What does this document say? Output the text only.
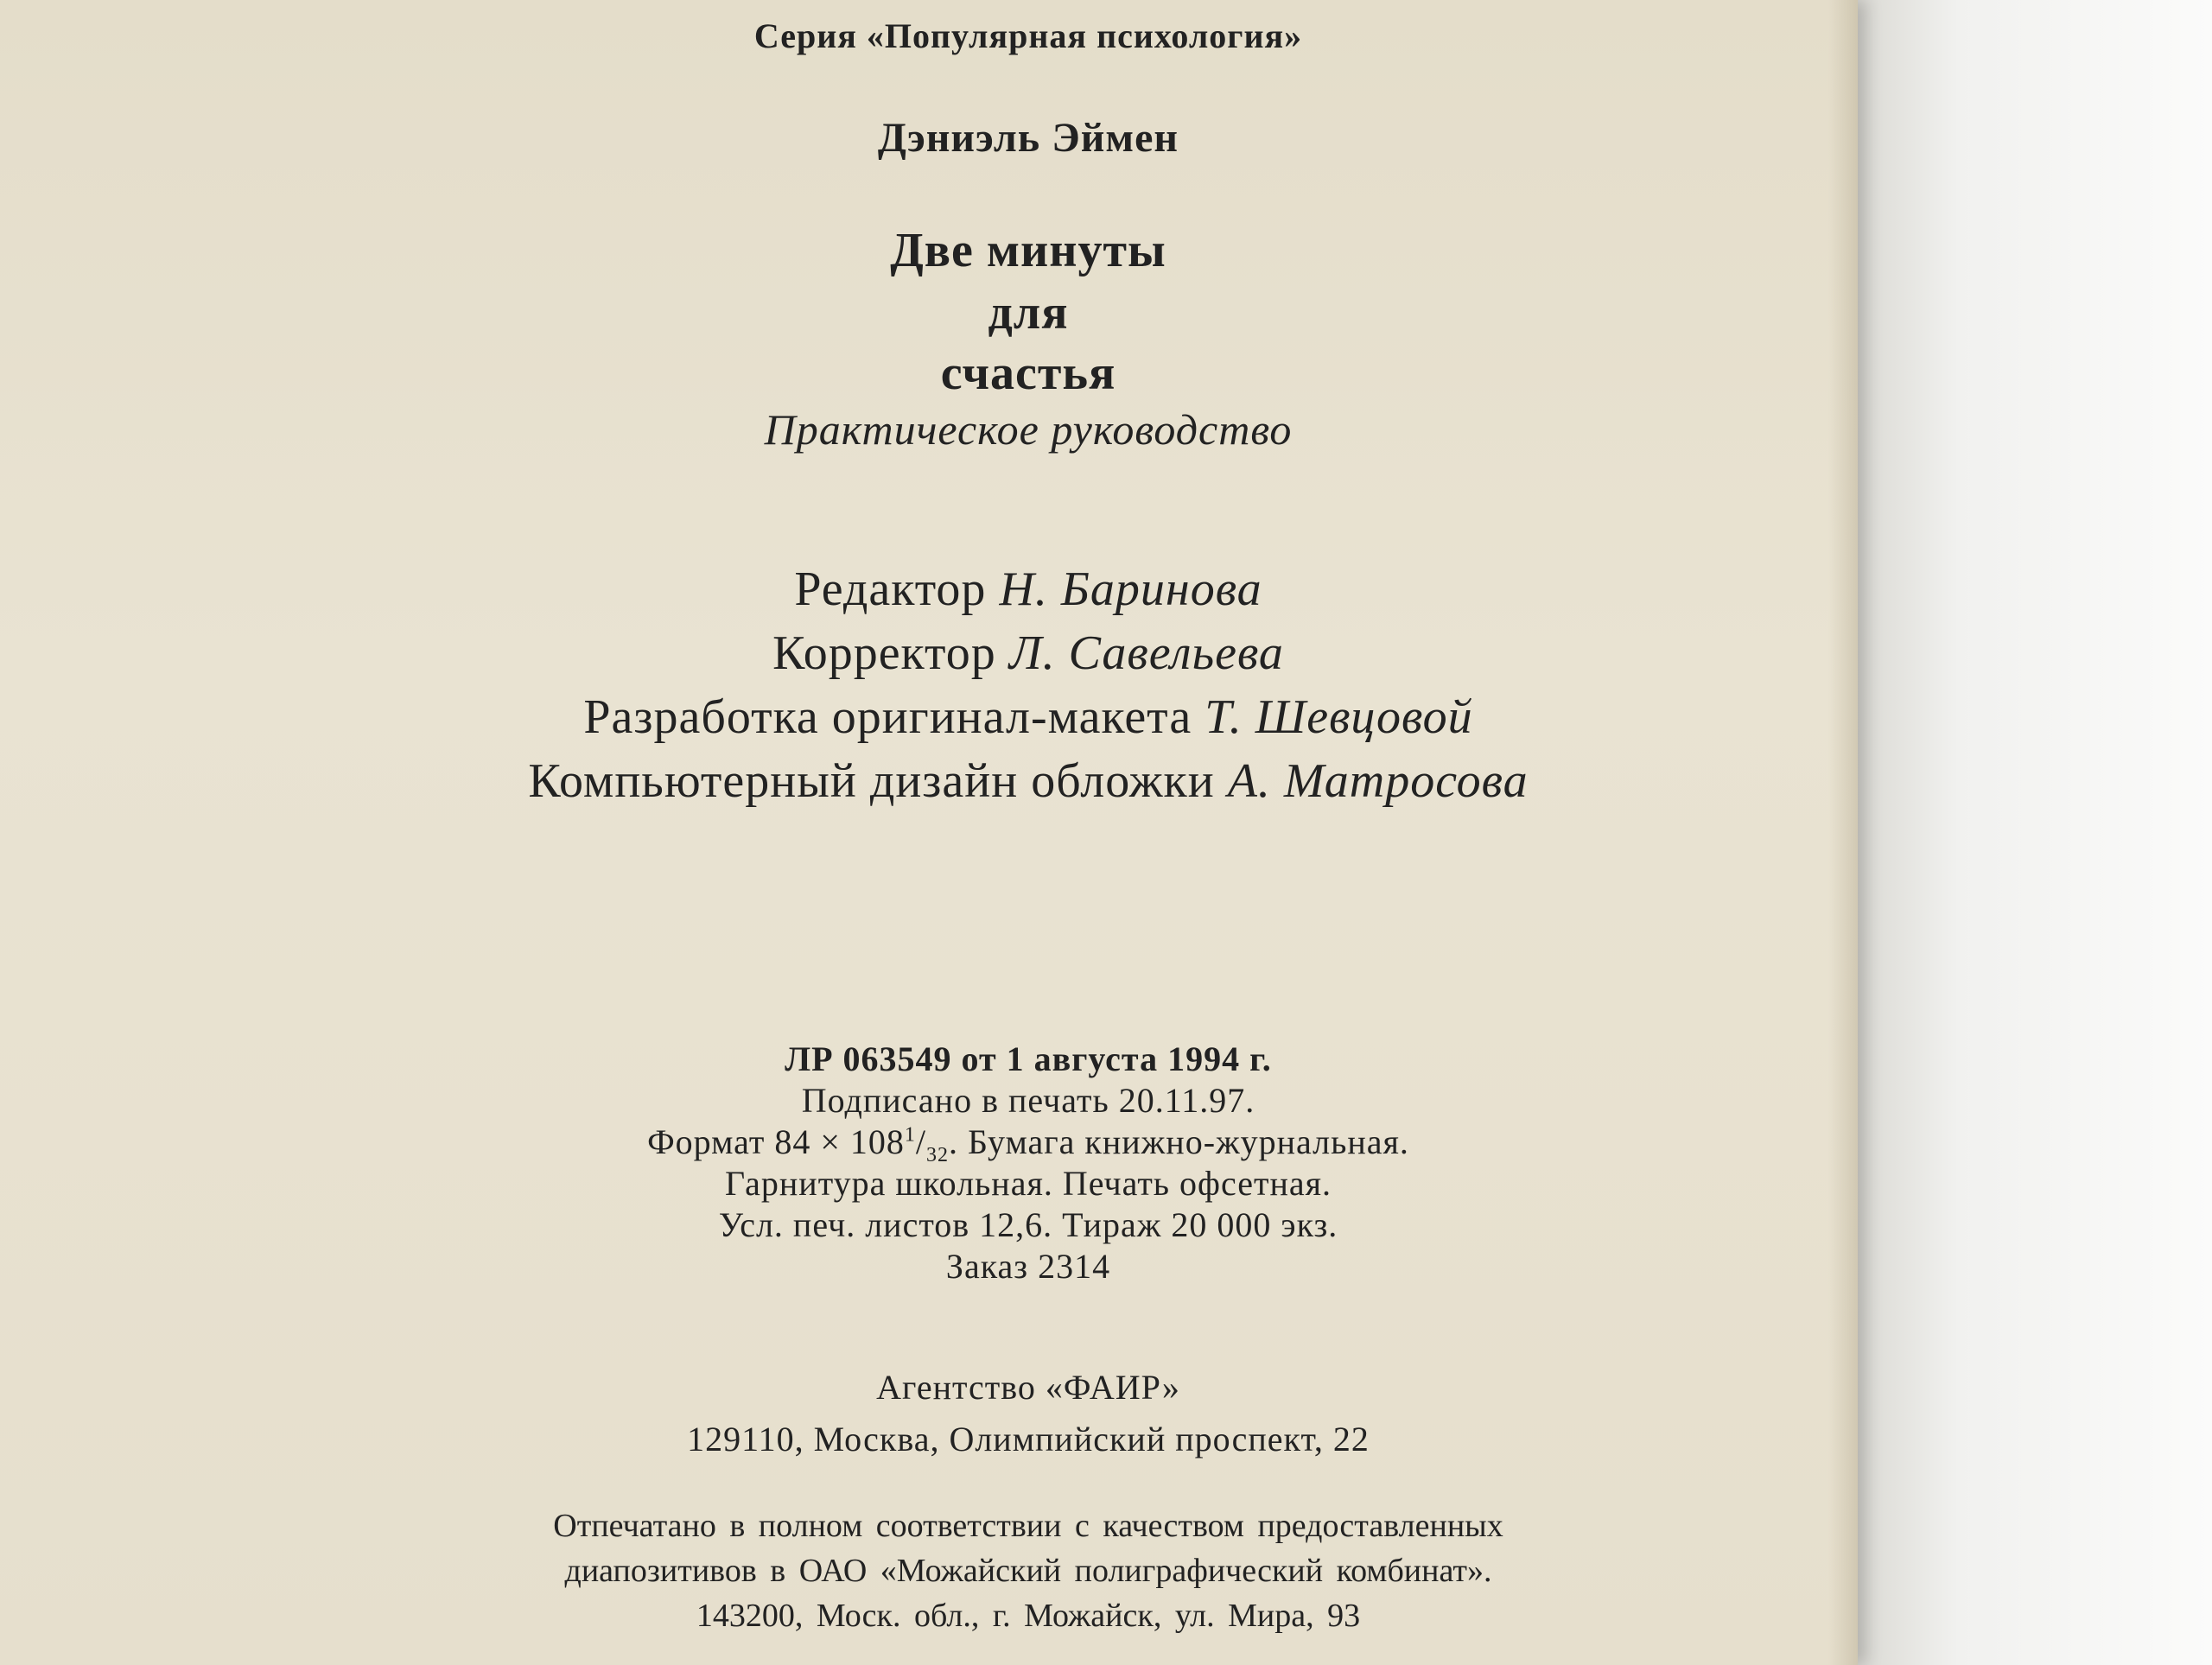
Серия «Популярная психология»
Дэниэль Эймен
Две минуты
для
счастья
Практическое руководство
Редактор Н. Баринова
Корректор Л. Савельева
Разработка оригинал-макета Т. Шевцовой
Компьютерный дизайн обложки А. Матросова
ЛР 063549 от 1 августа 1994 г.
Подписано в печать 20.11.97.
Формат $84 \times 108^1/_{32}$. Бумага книжно-журнальная.
Гарнитура школьная. Печать офсетная.
Усл. печ. листов 12,6. Тираж 20 000 экз.
Заказ 2314
Агентство «ФАИР»
129110, Москва, Олимпийский проспект, 22
Отпечатано в полном соответствии с качеством предоставленных
диапозитивов в ОАО «Можайский полиграфический комбинат».
143200, Моск. обл., г. Можайск, ул. Мира, 93
